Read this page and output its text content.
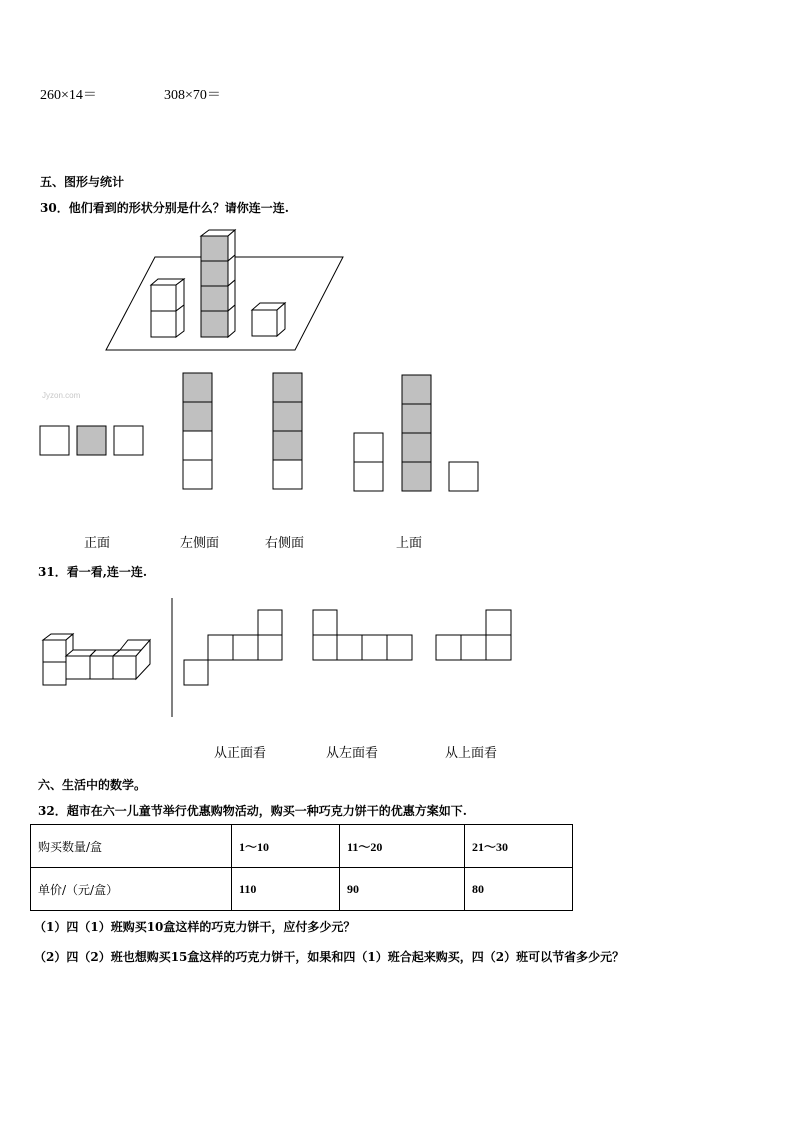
260×14＝	308×70＝
五、图形与统计
30．他们看到的形状分别是什么？请你连一连.
Jyzon.com
正面	左侧面	右侧面	上面
31．看一看,连一连.
从正面看	从左面看	从上面看
六、生活中的数学。
32．超市在六一儿童节举行优惠购物活动，购买一种巧克力饼干的优惠方案如下.
购买数量/盒	1～10	11～20	21～30
单价/（元/盒）	110	90	80
（1）四（1）班购买10盒这样的巧克力饼干，应付多少元？
（2）四（2）班也想购买15盒这样的巧克力饼干，如果和四（1）班合起来购买，四（2）班可以节省多少元？
